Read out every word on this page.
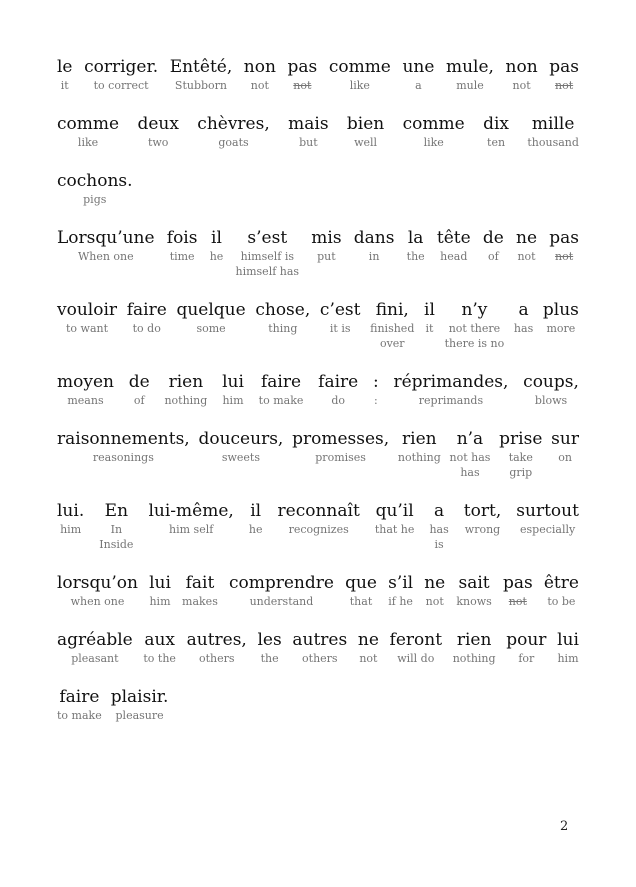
le
it
corriger.
to correct
Entêté,
Stubborn
non
not
pas
not
comme
like
une
a
mule,
mule
non
not
pas
not
comme
like
deux
two
chèvres,
goats
mais
but
bien
well
comme
like
dix
ten
mille
thousand
cochons.
pigs
Lorsqu’une
When one
fois
time
il
he
s’est
himself is
himself has
mis
put
dans
in
la
the
tête
head
de
of
ne
not
pas
not
vouloir
to want
faire
to do
quelque
some
chose,
thing
c’est
it is
fini,
finished
over
il
it
n’y
not there
there is no
a
has
plus
more
moyen
means
de
of
rien
nothing
lui
him
faire
to make
faire
do
:
:
réprimandes,
reprimands
coups,
blows
raisonnements,
reasonings
douceurs,
sweets
promesses,
promises
rien
nothing
n’a
not has
has
prise
take
grip
sur
on
lui.
him
En
In
Inside
lui-même,
him self
il
he
reconnaît
recognizes
qu’il
that he
a
has
is
tort,
wrong
surtout
especially
lorsqu’on
when one
lui
him
fait
makes
comprendre
understand
que
that
s’il
if he
ne
not
sait
knows
pas
not
être
to be
agréable
pleasant
aux
to the
autres,
others
les
the
autres
others
ne
not
feront
will do
rien
nothing
pour
for
lui
him
faire
to make
plaisir.
pleasure
2
